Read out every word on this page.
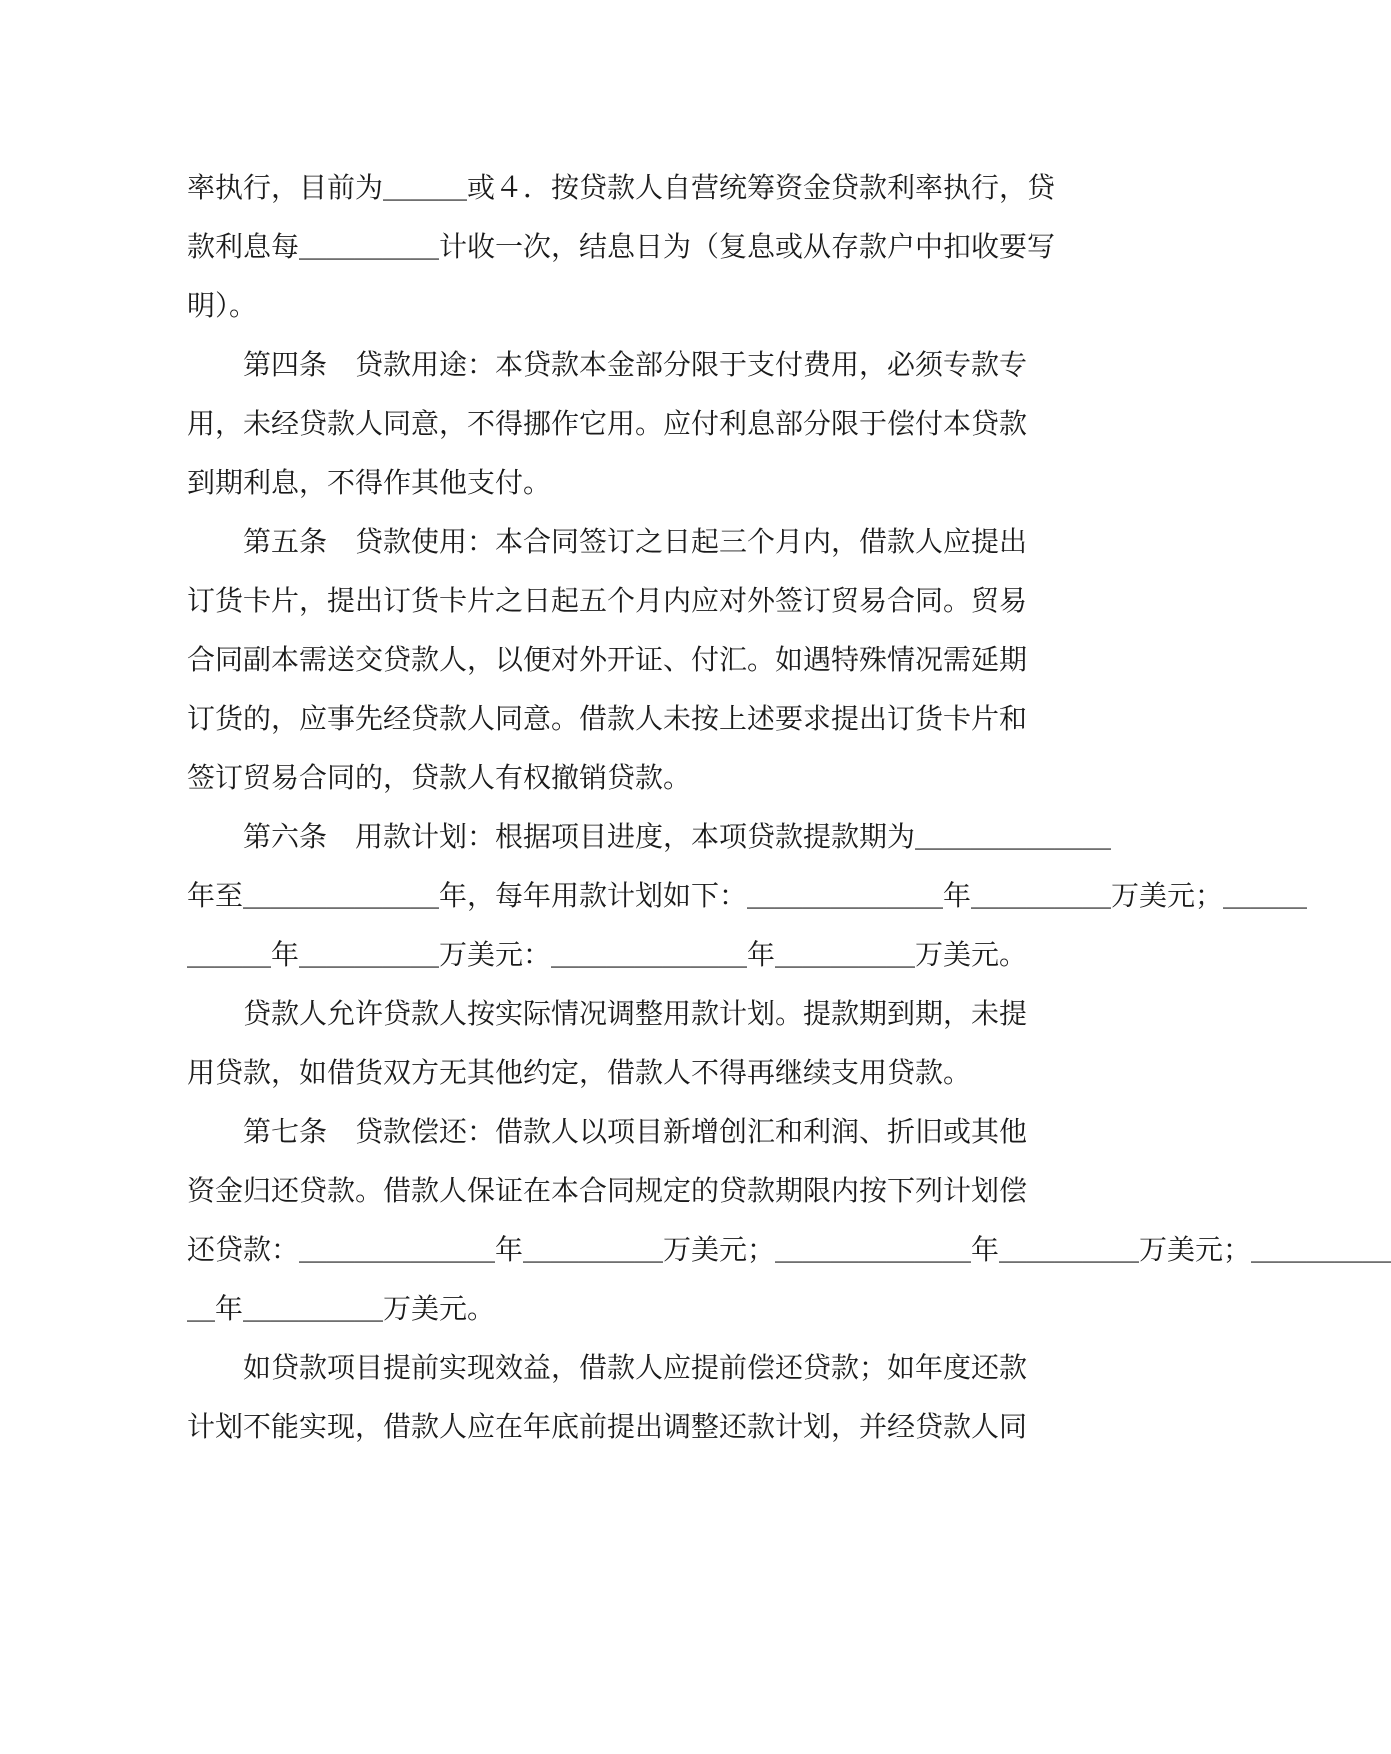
率执行，目前为＿＿＿或４．按贷款人自营统筹资金贷款利率执行，贷
款利息每＿＿＿＿＿计收一次，结息日为（复息或从存款户中扣收要写
明）。
　　第四条　贷款用途：本贷款本金部分限于支付费用，必须专款专
用，未经贷款人同意，不得挪作它用。应付利息部分限于偿付本贷款
到期利息，不得作其他支付。
　　第五条　贷款使用：本合同签订之日起三个月内，借款人应提出
订货卡片，提出订货卡片之日起五个月内应对外签订贸易合同。贸易
合同副本需送交贷款人，以便对外开证、付汇。如遇特殊情况需延期
订货的，应事先经贷款人同意。借款人未按上述要求提出订货卡片和
签订贸易合同的，贷款人有权撤销贷款。
　　第六条　用款计划：根据项目进度，本项贷款提款期为＿＿＿＿＿＿＿
年至＿＿＿＿＿＿＿年，每年用款计划如下：＿＿＿＿＿＿＿年＿＿＿＿＿万美元；＿＿＿
＿＿＿年＿＿＿＿＿万美元：＿＿＿＿＿＿＿年＿＿＿＿＿万美元。
　　贷款人允许贷款人按实际情况调整用款计划。提款期到期，未提
用贷款，如借货双方无其他约定，借款人不得再继续支用贷款。
　　第七条　贷款偿还：借款人以项目新增创汇和利润、折旧或其他
资金归还贷款。借款人保证在本合同规定的贷款期限内按下列计划偿
还贷款：＿＿＿＿＿＿＿年＿＿＿＿＿万美元；＿＿＿＿＿＿＿年＿＿＿＿＿万美元；＿＿＿＿＿
＿年＿＿＿＿＿万美元。
　　如贷款项目提前实现效益，借款人应提前偿还贷款；如年度还款
计划不能实现，借款人应在年底前提出调整还款计划，并经贷款人同
